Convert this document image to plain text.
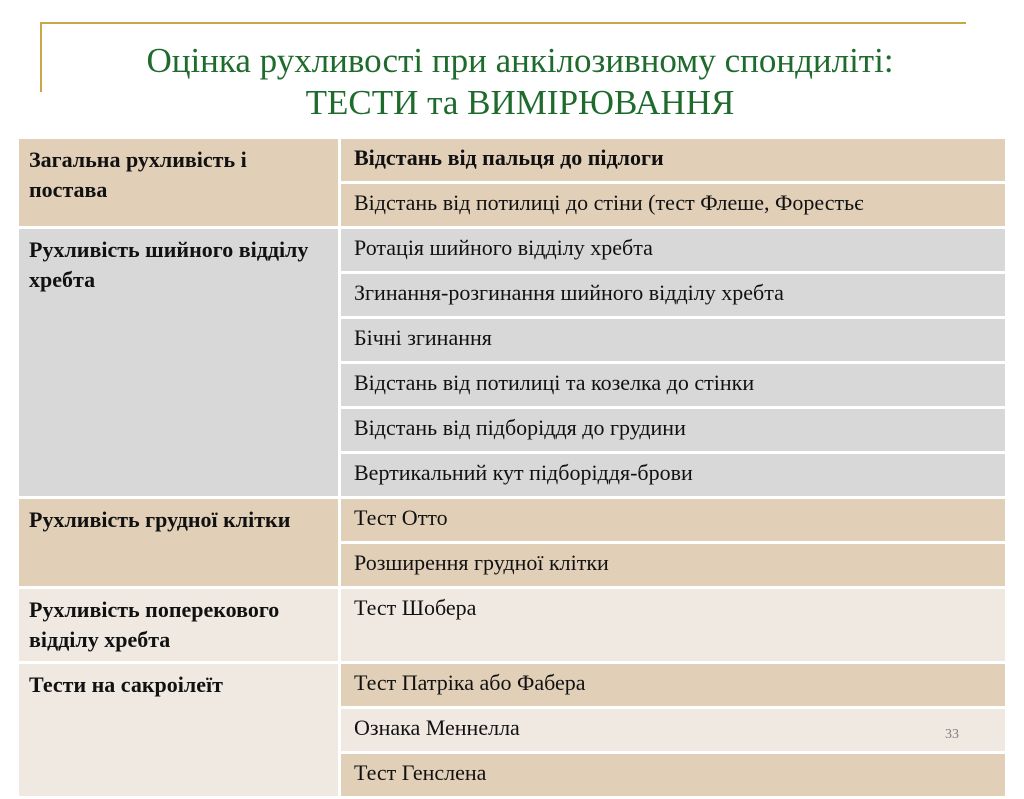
Оцінка рухливості при анкілозивному спондиліті:
ТЕСТИ та ВИМІРЮВАННЯ
Загальна рухливість і постава	Відстань від пальця до підлоги
	Відстань від потилиці до стіни (тест Флеше, Форестьє
Рухливість шийного відділу хребта	Ротація шийного відділу хребта
	Згинання-розгинання шийного відділу хребта
	Бічні згинання
	Відстань від потилиці та козелка до стінки
	Відстань від підборіддя до грудини
	Вертикальний кут підборіддя-брови
Рухливість грудної клітки	Тест Отто
	Розширення грудної клітки
Рухливість поперекового відділу хребта	Тест Шобера
Тести на сакроілеїт	Тест Патріка або Фабера
	Ознака Меннелла
	Тест Генслена
33
